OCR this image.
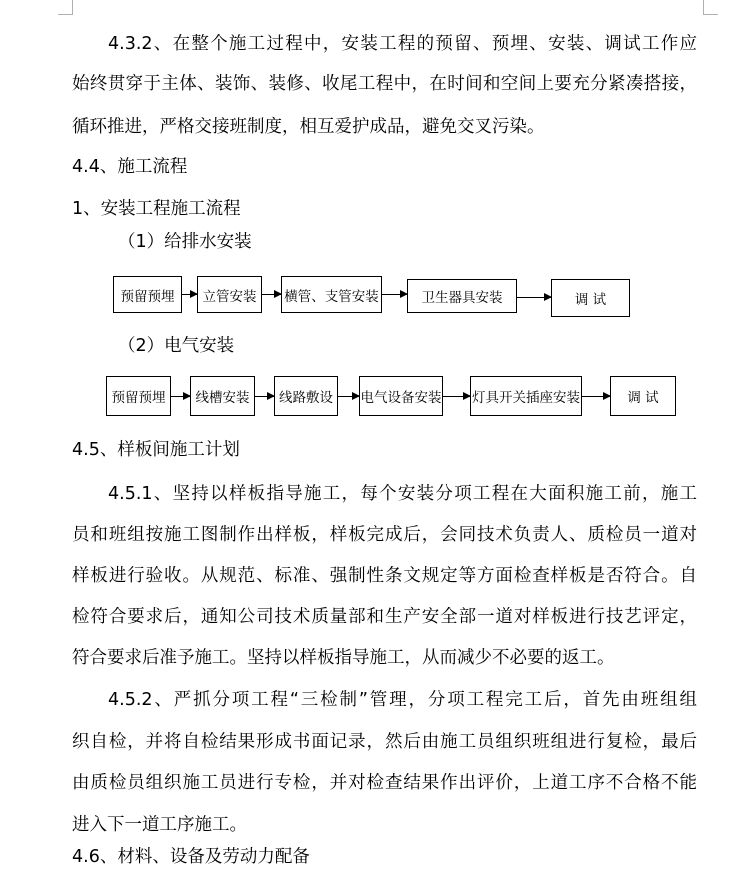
4.3.2、在整个施工过程中，安装工程的预留、预埋、安装、调试工作应
始终贯穿于主体、装饰、装修、收尾工程中，在时间和空间上要充分紧凑搭接，
循环推进，严格交接班制度，相互爱护成品，避免交叉污染。
4.4、施工流程
1、安装工程施工流程
（1）给排水安装
预留预埋	立管安装	横管、支管安装	卫生器具安装	调 试
（2）电气安装
预留预埋	线槽安装	线路敷设	电气设备安装 灯具开关插座安装	调 试
4.5、样板间施工计划
4.5.1、坚持以样板指导施工，每个安装分项工程在大面积施工前，施工
员和班组按施工图制作出样板，样板完成后，会同技术负责人、质检员一道对
样板进行验收。从规范、标准、强制性条文规定等方面检查样板是否符合。自
检符合要求后，通知公司技术质量部和生产安全部一道对样板进行技艺评定，
符合要求后准予施工。坚持以样板指导施工，从而减少不必要的返工。
4.5.2、严抓分项工程“三检制”管理，分项工程完工后，首先由班组组
织自检，并将自检结果形成书面记录，然后由施工员组织班组进行复检，最后
由质检员组织施工员进行专检，并对检查结果作出评价，上道工序不合格不能
进入下一道工序施工。
4.6、材料、设备及劳动力配备
